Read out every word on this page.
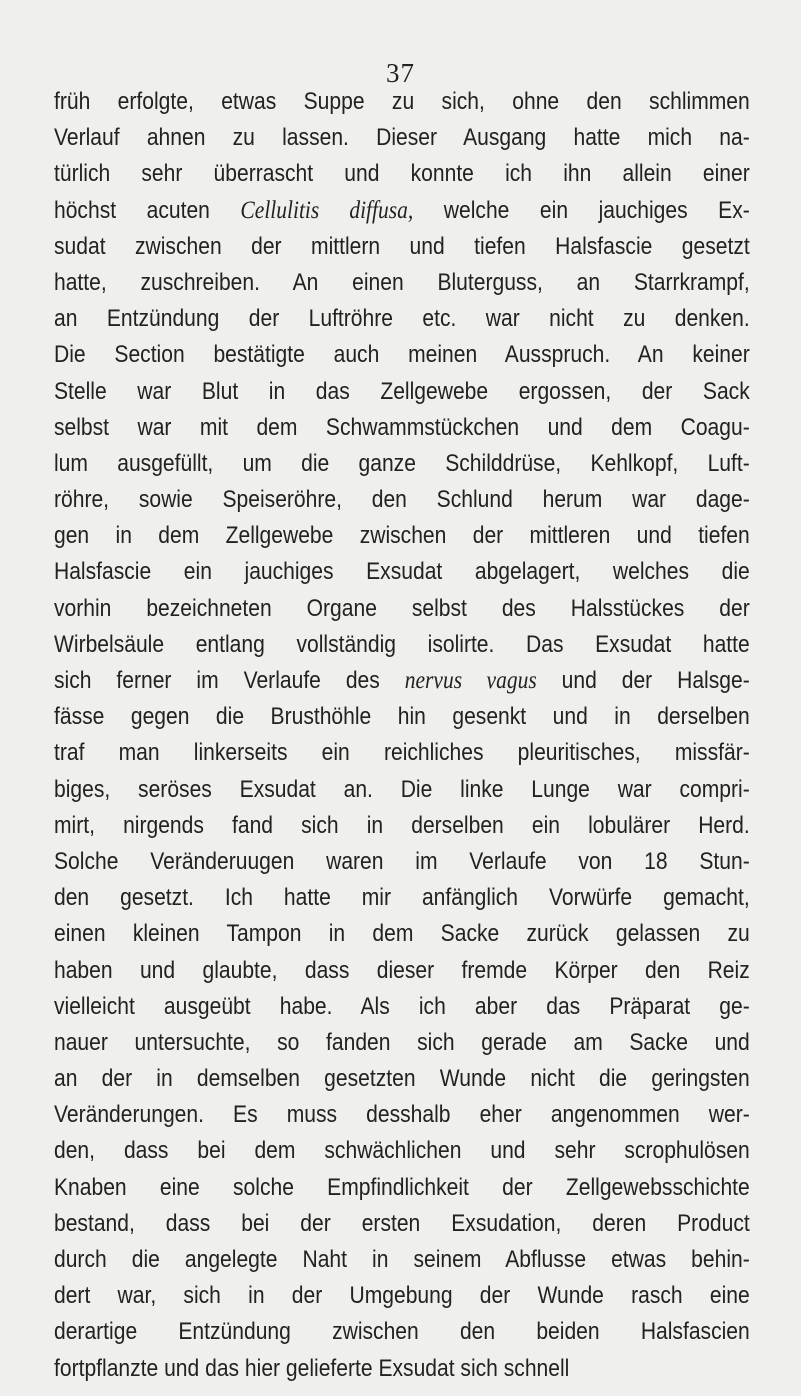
37
früh erfolgte, etwas Suppe zu sich, ohne den schlimmen
Verlauf ahnen zu lassen. Dieser Ausgang hatte mich na-
türlich sehr überrascht und konnte ich ihn allein einer
höchst acuten Cellulitis diffusa, welche ein jauchiges Ex-
sudat zwischen der mittlern und tiefen Halsfascie gesetzt
hatte, zuschreiben. An einen Bluterguss, an Starrkrampf,
an Entzündung der Luftröhre etc. war nicht zu denken.
Die Section bestätigte auch meinen Ausspruch. An keiner
Stelle war Blut in das Zellgewebe ergossen, der Sack
selbst war mit dem Schwammstückchen und dem Coagu-
lum ausgefüllt, um die ganze Schilddrüse, Kehlkopf, Luft-
röhre, sowie Speiseröhre, den Schlund herum war dage-
gen in dem Zellgewebe zwischen der mittleren und tiefen
Halsfascie ein jauchiges Exsudat abgelagert, welches die
vorhin bezeichneten Organe selbst des Halsstückes der
Wirbelsäule entlang vollständig isolirte. Das Exsudat hatte
sich ferner im Verlaufe des nervus vagus und der Halsge-
fässe gegen die Brusthöhle hin gesenkt und in derselben
traf man linkerseits ein reichliches pleuritisches, missfär-
biges, seröses Exsudat an. Die linke Lunge war compri-
mirt, nirgends fand sich in derselben ein lobulärer Herd.
Solche Veränderuugen waren im Verlaufe von 18 Stun-
den gesetzt. Ich hatte mir anfänglich Vorwürfe gemacht,
einen kleinen Tampon in dem Sacke zurück gelassen zu
haben und glaubte, dass dieser fremde Körper den Reiz
vielleicht ausgeübt habe. Als ich aber das Präparat ge-
nauer untersuchte, so fanden sich gerade am Sacke und
an der in demselben gesetzten Wunde nicht die geringsten
Veränderungen. Es muss desshalb eher angenommen wer-
den, dass bei dem schwächlichen und sehr scrophulösen
Knaben eine solche Empfindlichkeit der Zellgewebsschichte
bestand, dass bei der ersten Exsudation, deren Product
durch die angelegte Naht in seinem Abflusse etwas behin-
dert war, sich in der Umgebung der Wunde rasch eine
derartige Entzündung zwischen den beiden Halsfascien
fortpflanzte und das hier gelieferte Exsudat sich schnell
